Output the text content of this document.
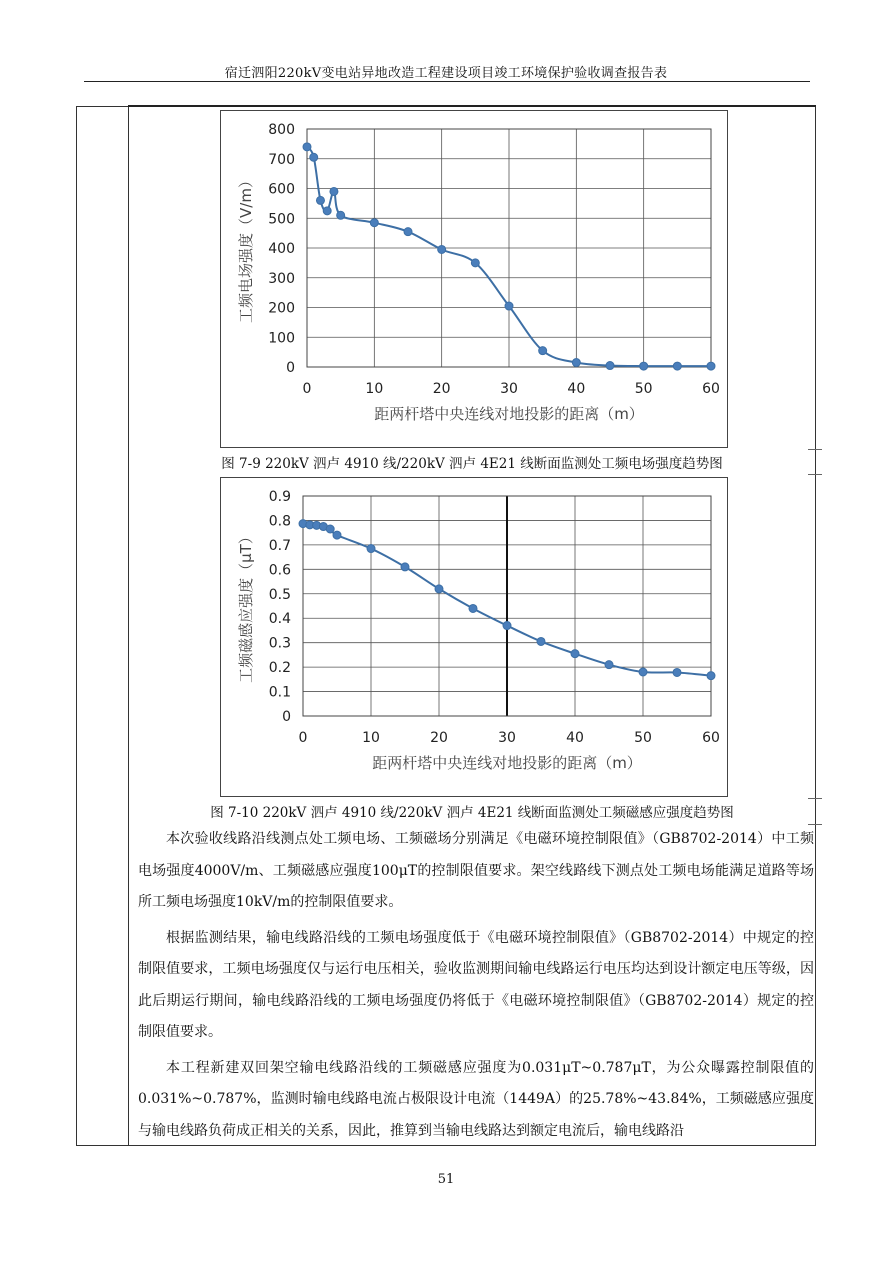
宿迁泗阳220kV变电站异地改造工程建设项目竣工环境保护验收调查报告表
0
100
200
300
400
500
600
700
800
0	10	20	30	40	50	60
距两杆塔中央连线对地投影的距离（m）
工频电场强度（V/m）
图 7-9 220kV 泗卢 4910 线/220kV 泗卢 4E21 线断面监测处工频电场强度趋势图
0
0.1
0.2
0.3
0.4
0.5
0.6
0.7
0.8
0.9
0	10	20	30	40	50	60
距两杆塔中央连线对地投影的距离（m）
工频磁感应强度（μT）
图 7-10 220kV 泗卢 4910 线/220kV 泗卢 4E21 线断面监测处工频磁感应强度趋势图

本次验收线路沿线测点处工频电场、工频磁场分别满足《电磁环境控制限值》（GB8702-2014）中工频电场强度4000V/m、工频磁感应强度100μT的控制限值要求。架空线路线下测点处工频电场能满足道路等场所工频电场强度10kV/m的控制限值要求。

根据监测结果，输电线路沿线的工频电场强度低于《电磁环境控制限值》（GB8702-2014）中规定的控制限值要求，工频电场强度仅与运行电压相关，验收监测期间输电线路运行电压均达到设计额定电压等级，因此后期运行期间，输电线路沿线的工频电场强度仍将低于《电磁环境控制限值》（GB8702-2014）规定的控制限值要求。

本工程新建双回架空输电线路沿线的工频磁感应强度为0.031μT~0.787μT，为公众曝露控制限值的0.031%~0.787%，监测时输电线路电流占极限设计电流（1449A）的25.78%~43.84%，工频磁感应强度与输电线路负荷成正相关的关系，因此，推算到当输电线路达到额定电流后，输电线路沿

51
